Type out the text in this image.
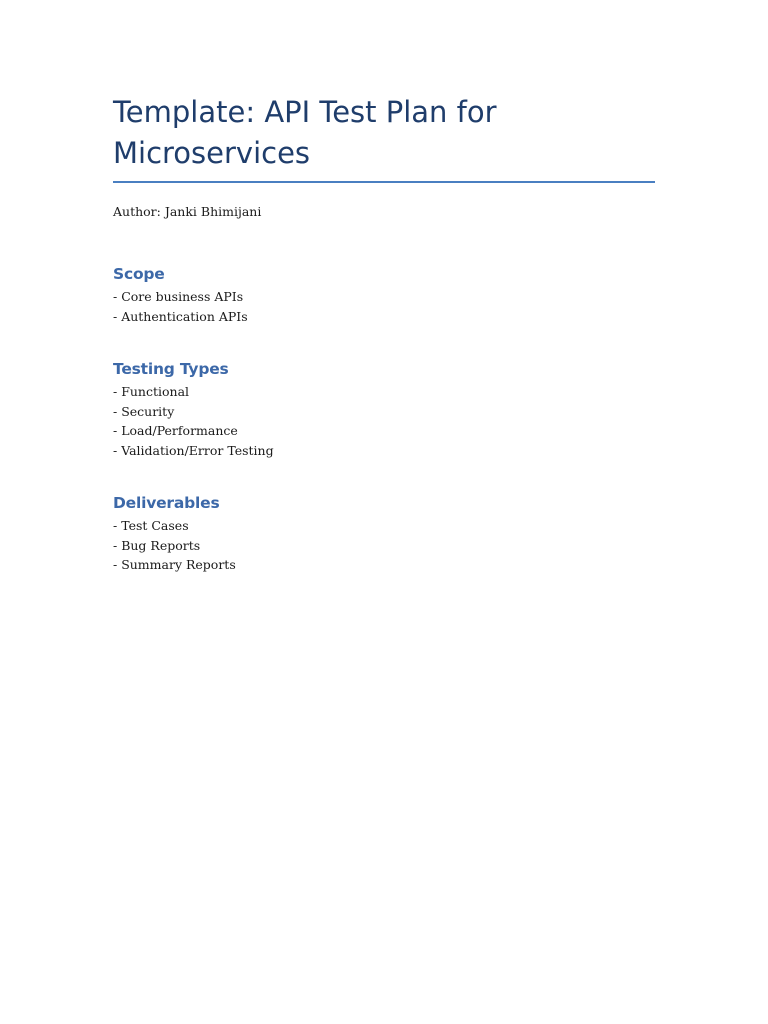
Template: API Test Plan for Microservices

Author: Janki Bhimijani

Scope
- Core business APIs
- Authentication APIs
Testing Types
- Functional
- Security
- Load/Performance
- Validation/Error Testing
Deliverables
- Test Cases
- Bug Reports
- Summary Reports
